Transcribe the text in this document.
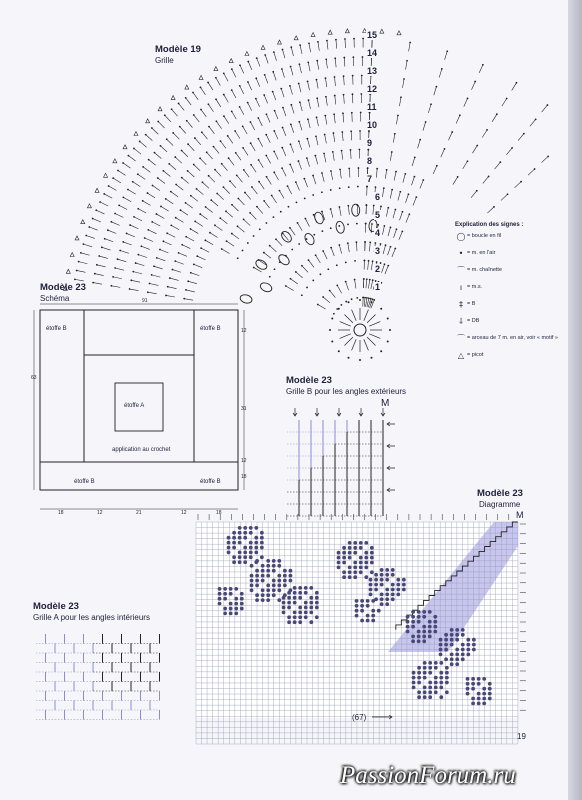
Modèle 19
Grille
1
2
3
4
5
6
7
8
9
10
11
12
13
14
15
Explication des signes :
◯ = boucle en fil
• = m. en l'air
⌒ = m. chaînette
ı = m.s.
‡ = B
⸸ = DB
⌒ = arceau de 7 m. en air, voir « motif »
△ = picot
Modèle 23
Schéma
étoffe B	étoffe B
étoffe A
application au crochet
étoffe B	étoffe B
91
63
12
31
12
18
18	12	21	12	18
Modèle 23
Grille B pour les angles extérieurs
M
Modèle 23
Diagramme
M
(67)
Modèle 23
Grille A pour les angles intérieurs
19
PassionForum.ru
